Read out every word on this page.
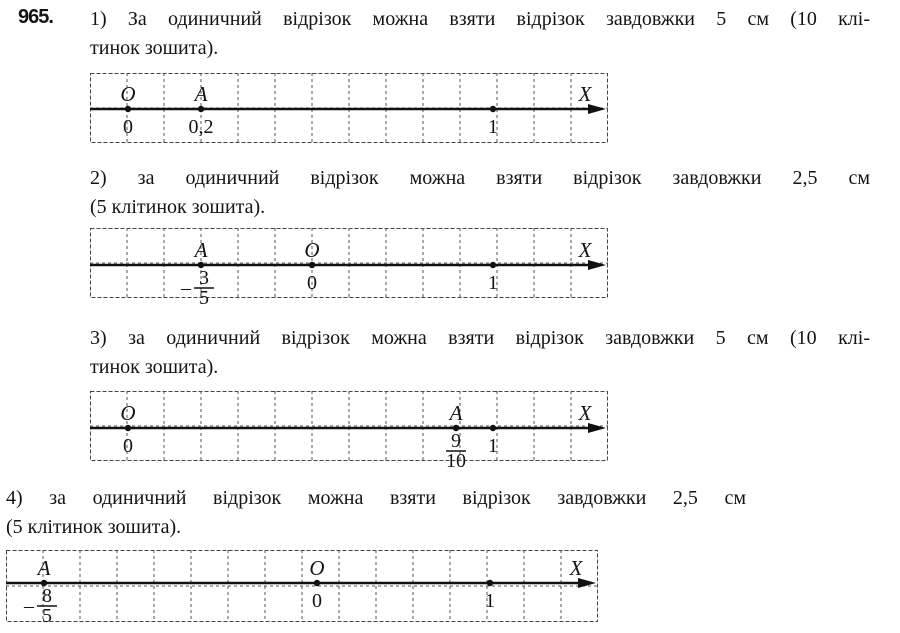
965. 1) За одиничний відрізок можна взяти відрізок завдовжки 5 см (10 клі-

тинок зошита).

O	A	X
0	1
0,2

2) за одиничний відрізок можна взяти відрізок завдовжки 2,5 см

(5 клітинок зошита).

O
A	X
0	1
3
5
–

3) за одиничний відрізок можна взяти відрізок завдовжки 5 см (10 клі-

тинок зошита).

O	A	X
0	1
9
10

4) за одиничний відрізок можна взяти відрізок завдовжки 2,5 см

(5 клітинок зошита).

O
A	X
0	1
8
5
–
